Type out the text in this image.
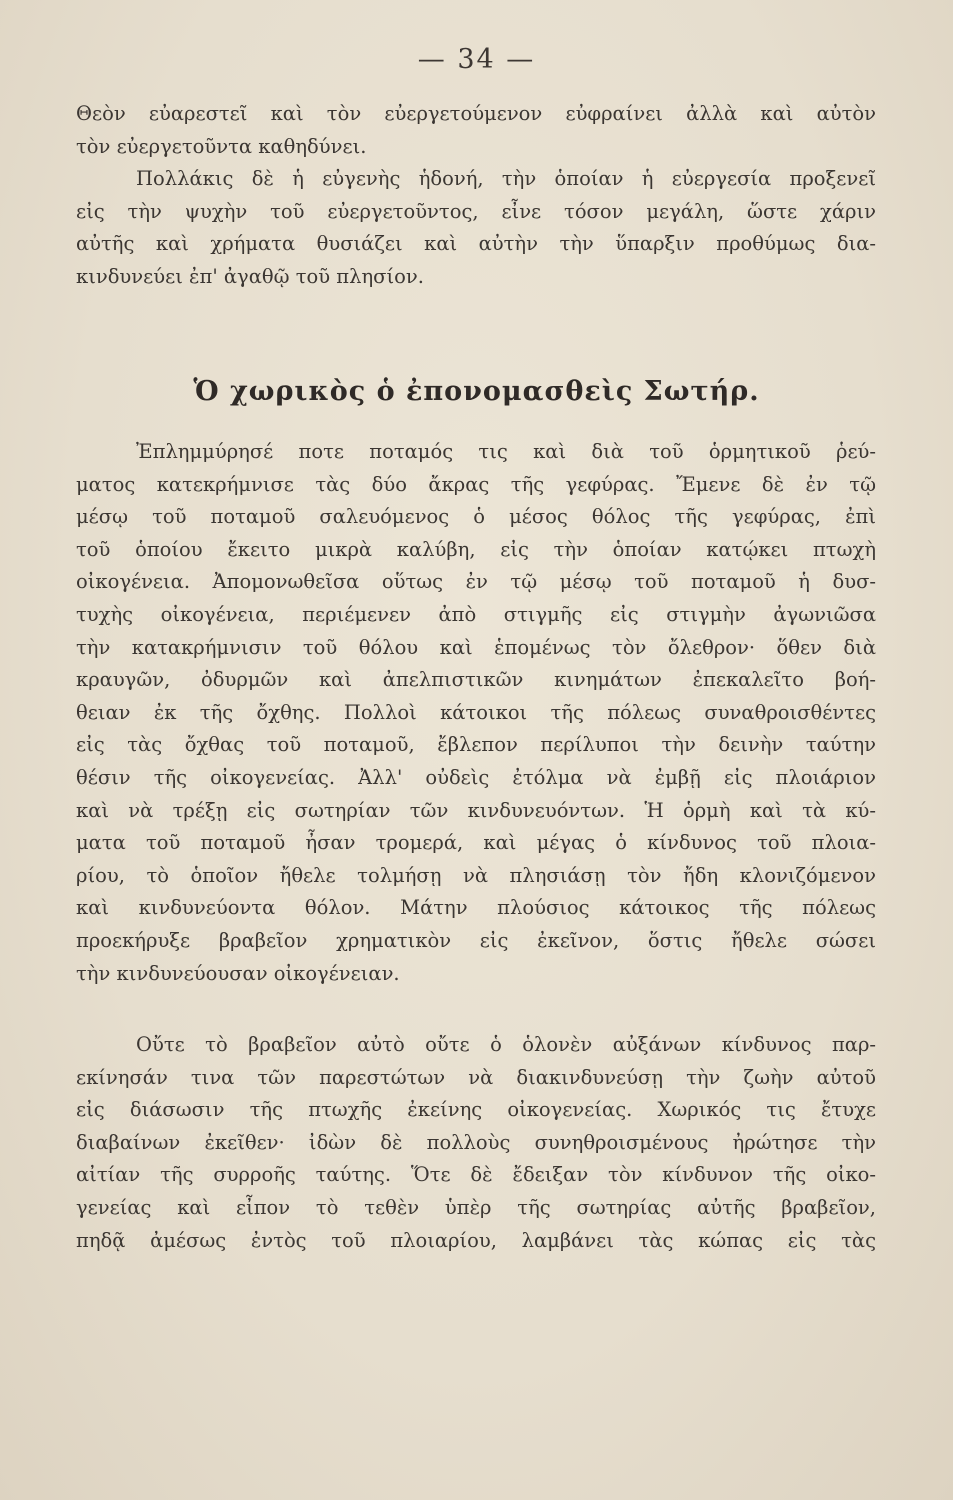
— 34 —
Θεὸν εὐαρεστεῖ καὶ τὸν εὐεργετούμενον εὐφραίνει ἀλλὰ καὶ αὐτὸν
τὸν εὐεργετοῦντα καθηδύνει.
Πολλάκις δὲ ἡ εὐγενὴς ἡδονή, τὴν ὁποίαν ἡ εὐεργεσία προξενεῖ
εἰς τὴν ψυχὴν τοῦ εὐεργετοῦντος, εἶνε τόσον μεγάλη, ὥστε χάριν
αὐτῆς καὶ χρήματα θυσιάζει καὶ αὐτὴν τὴν ὕπαρξιν προθύμως δια-
κινδυνεύει ἐπ' ἀγαθῷ τοῦ πλησίον.
Ὁ χωρικὸς ὁ ἐπονομασθεὶς Σωτήρ.
Ἐπλημμύρησέ ποτε ποταμός τις καὶ διὰ τοῦ ὁρμητικοῦ ῥεύ-
ματος κατεκρήμνισε τὰς δύο ἄκρας τῆς γεφύρας. Ἔμενε δὲ ἐν τῷ
μέσῳ τοῦ ποταμοῦ σαλευόμενος ὁ μέσος θόλος τῆς γεφύρας, ἐπὶ
τοῦ ὁποίου ἔκειτο μικρὰ καλύβη, εἰς τὴν ὁποίαν κατῴκει πτωχὴ
οἰκογένεια. Ἀπομονωθεῖσα οὕτως ἐν τῷ μέσῳ τοῦ ποταμοῦ ἡ δυσ-
τυχὴς οἰκογένεια, περιέμενεν ἀπὸ στιγμῆς εἰς στιγμὴν ἀγωνιῶσα
τὴν κατακρήμνισιν τοῦ θόλου καὶ ἑπομένως τὸν ὄλεθρον· ὅθεν διὰ
κραυγῶν, ὀδυρμῶν καὶ ἀπελπιστικῶν κινημάτων ἐπεκαλεῖτο βοή-
θειαν ἐκ τῆς ὄχθης. Πολλοὶ κάτοικοι τῆς πόλεως συναθροισθέντες
εἰς τὰς ὄχθας τοῦ ποταμοῦ, ἔβλεπον περίλυποι τὴν δεινὴν ταύτην
θέσιν τῆς οἰκογενείας. Ἀλλ' οὐδεὶς ἐτόλμα νὰ ἐμβῇ εἰς πλοιάριον
καὶ νὰ τρέξῃ εἰς σωτηρίαν τῶν κινδυνευόντων. Ἡ ὁρμὴ καὶ τὰ κύ-
ματα τοῦ ποταμοῦ ἦσαν τρομερά, καὶ μέγας ὁ κίνδυνος τοῦ πλοια-
ρίου, τὸ ὁποῖον ἤθελε τολμήσῃ νὰ πλησιάσῃ τὸν ἤδη κλονιζόμενον
καὶ κινδυνεύοντα θόλον. Μάτην πλούσιος κάτοικος τῆς πόλεως
προεκήρυξε βραβεῖον χρηματικὸν εἰς ἐκεῖνον, ὅστις ἤθελε σώσει
τὴν κινδυνεύουσαν οἰκογένειαν.
Οὔτε τὸ βραβεῖον αὐτὸ οὔτε ὁ ὁλονὲν αὐξάνων κίνδυνος παρ-
εκίνησάν τινα τῶν παρεστώτων νὰ διακινδυνεύσῃ τὴν ζωὴν αὐτοῦ
εἰς διάσωσιν τῆς πτωχῆς ἐκείνης οἰκογενείας. Χωρικός τις ἔτυχε
διαβαίνων ἐκεῖθεν· ἰδὼν δὲ πολλοὺς συνηθροισμένους ἠρώτησε τὴν
αἰτίαν τῆς συρροῆς ταύτης. Ὅτε δὲ ἔδειξαν τὸν κίνδυνον τῆς οἰκο-
γενείας καὶ εἶπον τὸ τεθὲν ὑπὲρ τῆς σωτηρίας αὐτῆς βραβεῖον,
πηδᾷ ἀμέσως ἐντὸς τοῦ πλοιαρίου, λαμβάνει τὰς κώπας εἰς τὰς
